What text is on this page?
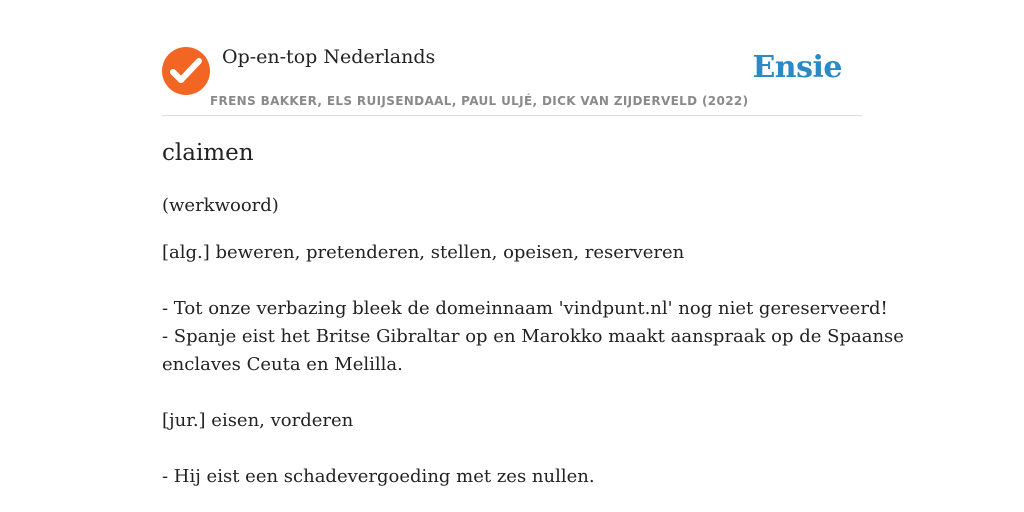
Op-en-top Nederlands
FRENS BAKKER, ELS RUIJSENDAAL, PAUL ULJÉ, DICK VAN ZIJDERVELD (2022)
Ensie
claimen
(werkwoord)
[alg.] beweren, pretenderen, stellen, opeisen, reserveren
- Tot onze verbazing bleek de domeinnaam 'vindpunt.nl' nog niet gereserveerd!
- Spanje eist het Britse Gibraltar op en Marokko maakt aanspraak op de Spaanse
enclaves Ceuta en Melilla.
[jur.] eisen, vorderen
- Hij eist een schadevergoeding met zes nullen.
